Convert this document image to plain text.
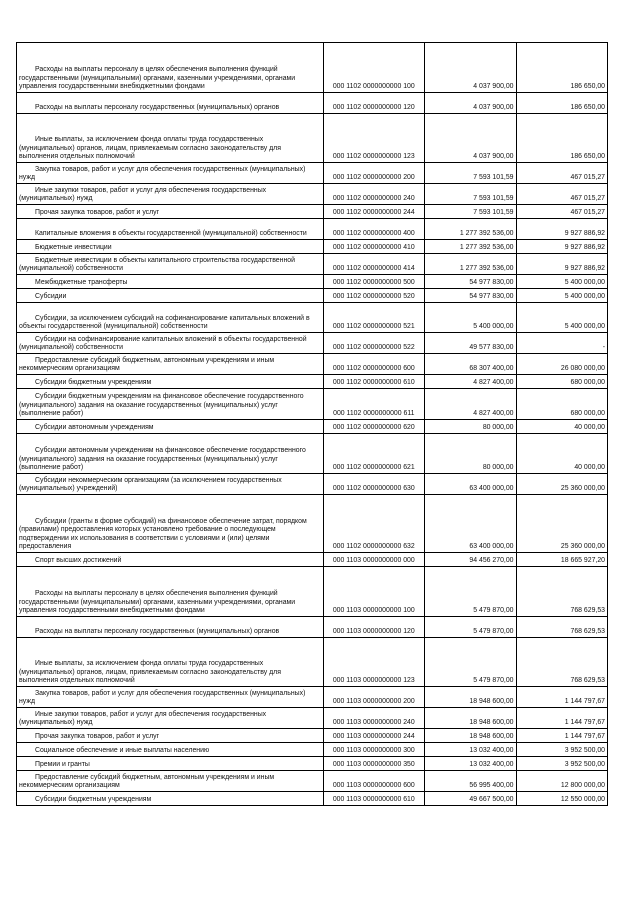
Расходы на выплаты персоналу в целях обеспечения выполнения функций государственными (муниципальными) органами, казенными учреждениями, органами управления государственными внебюджетными фондами	000 1102 0000000000 100	4 037 900,00	186 650,00

Расходы на выплаты персоналу государственных (муниципальных) органов	000 1102 0000000000 120	4 037 900,00	186 650,00

Иные выплаты, за исключением фонда оплаты труда государственных (муниципальных) органов, лицам, привлекаемым согласно законодательству для выполнения отдельных полномочий	000 1102 0000000000 123	4 037 900,00	186 650,00

Закупка товаров, работ и услуг для обеспечения государственных (муниципальных) нужд	000 1102 0000000000 200	7 593 101,59	467 015,27

Иные закупки товаров, работ и услуг для обеспечения государственных (муниципальных) нужд	000 1102 0000000000 240	7 593 101,59	467 015,27

Прочая закупка товаров, работ и услуг	000 1102 0000000000 244	7 593 101,59	467 015,27

Капитальные вложения в объекты государственной (муниципальной) собственности	000 1102 0000000000 400	1 277 392 536,00	9 927 886,92

Бюджетные инвестиции	000 1102 0000000000 410	1 277 392 536,00	9 927 886,92

Бюджетные инвестиции в объекты капитального строительства государственной (муниципальной) собственности	000 1102 0000000000 414	1 277 392 536,00	9 927 886,92

Межбюджетные трансферты	000 1102 0000000000 500	54 977 830,00	5 400 000,00

Субсидии	000 1102 0000000000 520	54 977 830,00	5 400 000,00

Субсидии, за исключением субсидий на софинансирование капитальных вложений в объекты государственной (муниципальной) собственности	000 1102 0000000000 521	5 400 000,00	5 400 000,00

Субсидии на софинансирование капитальных вложений в объекты государственной (муниципальной) собственности	000 1102 0000000000 522	49 577 830,00	-

Предоставление субсидий бюджетным, автономным учреждениям и иным некоммерческим организациям	000 1102 0000000000 600	68 307 400,00	26 080 000,00

Субсидии бюджетным учреждениям	000 1102 0000000000 610	4 827 400,00	680 000,00

Субсидии бюджетным учреждениям на финансовое обеспечение государственного (муниципального) задания на оказание государственных (муниципальных) услуг (выполнение работ)	000 1102 0000000000 611	4 827 400,00	680 000,00

Субсидии автономным учреждениям	000 1102 0000000000 620	80 000,00	40 000,00

Субсидии автономным учреждениям на финансовое обеспечение государственного (муниципального) задания на оказание государственных (муниципальных) услуг (выполнение работ)	000 1102 0000000000 621	80 000,00	40 000,00

Субсидии некоммерческим организациям (за исключением государственных (муниципальных) учреждений)	000 1102 0000000000 630	63 400 000,00	25 360 000,00

Субсидии (гранты в форме субсидий) на финансовое обеспечение затрат, порядком (правилами) предоставления которых установлено требование о последующем подтверждении их использования в соответствии с условиями и (или) целями предоставления	000 1102 0000000000 632	63 400 000,00	25 360 000,00

Спорт высших достижений	000 1103 0000000000 000	94 456 270,00	18 665 927,20

Расходы на выплаты персоналу в целях обеспечения выполнения функций государственными (муниципальными) органами, казенными учреждениями, органами управления государственными внебюджетными фондами	000 1103 0000000000 100	5 479 870,00	768 629,53

Расходы на выплаты персоналу государственных (муниципальных) органов	000 1103 0000000000 120	5 479 870,00	768 629,53

Иные выплаты, за исключением фонда оплаты труда государственных (муниципальных) органов, лицам, привлекаемым согласно законодательству для выполнения отдельных полномочий	000 1103 0000000000 123	5 479 870,00	768 629,53

Закупка товаров, работ и услуг для обеспечения государственных (муниципальных) нужд	000 1103 0000000000 200	18 948 600,00	1 144 797,67

Иные закупки товаров, работ и услуг для обеспечения государственных (муниципальных) нужд	000 1103 0000000000 240	18 948 600,00	1 144 797,67

Прочая закупка товаров, работ и услуг	000 1103 0000000000 244	18 948 600,00	1 144 797,67

Социальное обеспечение и иные выплаты населению	000 1103 0000000000 300	13 032 400,00	3 952 500,00

Премии и гранты	000 1103 0000000000 350	13 032 400,00	3 952 500,00

Предоставление субсидий бюджетным, автономным учреждениям и иным некоммерческим организациям	000 1103 0000000000 600	56 995 400,00	12 800 000,00

Субсидии бюджетным учреждениям	000 1103 0000000000 610	49 667 500,00	12 550 000,00
